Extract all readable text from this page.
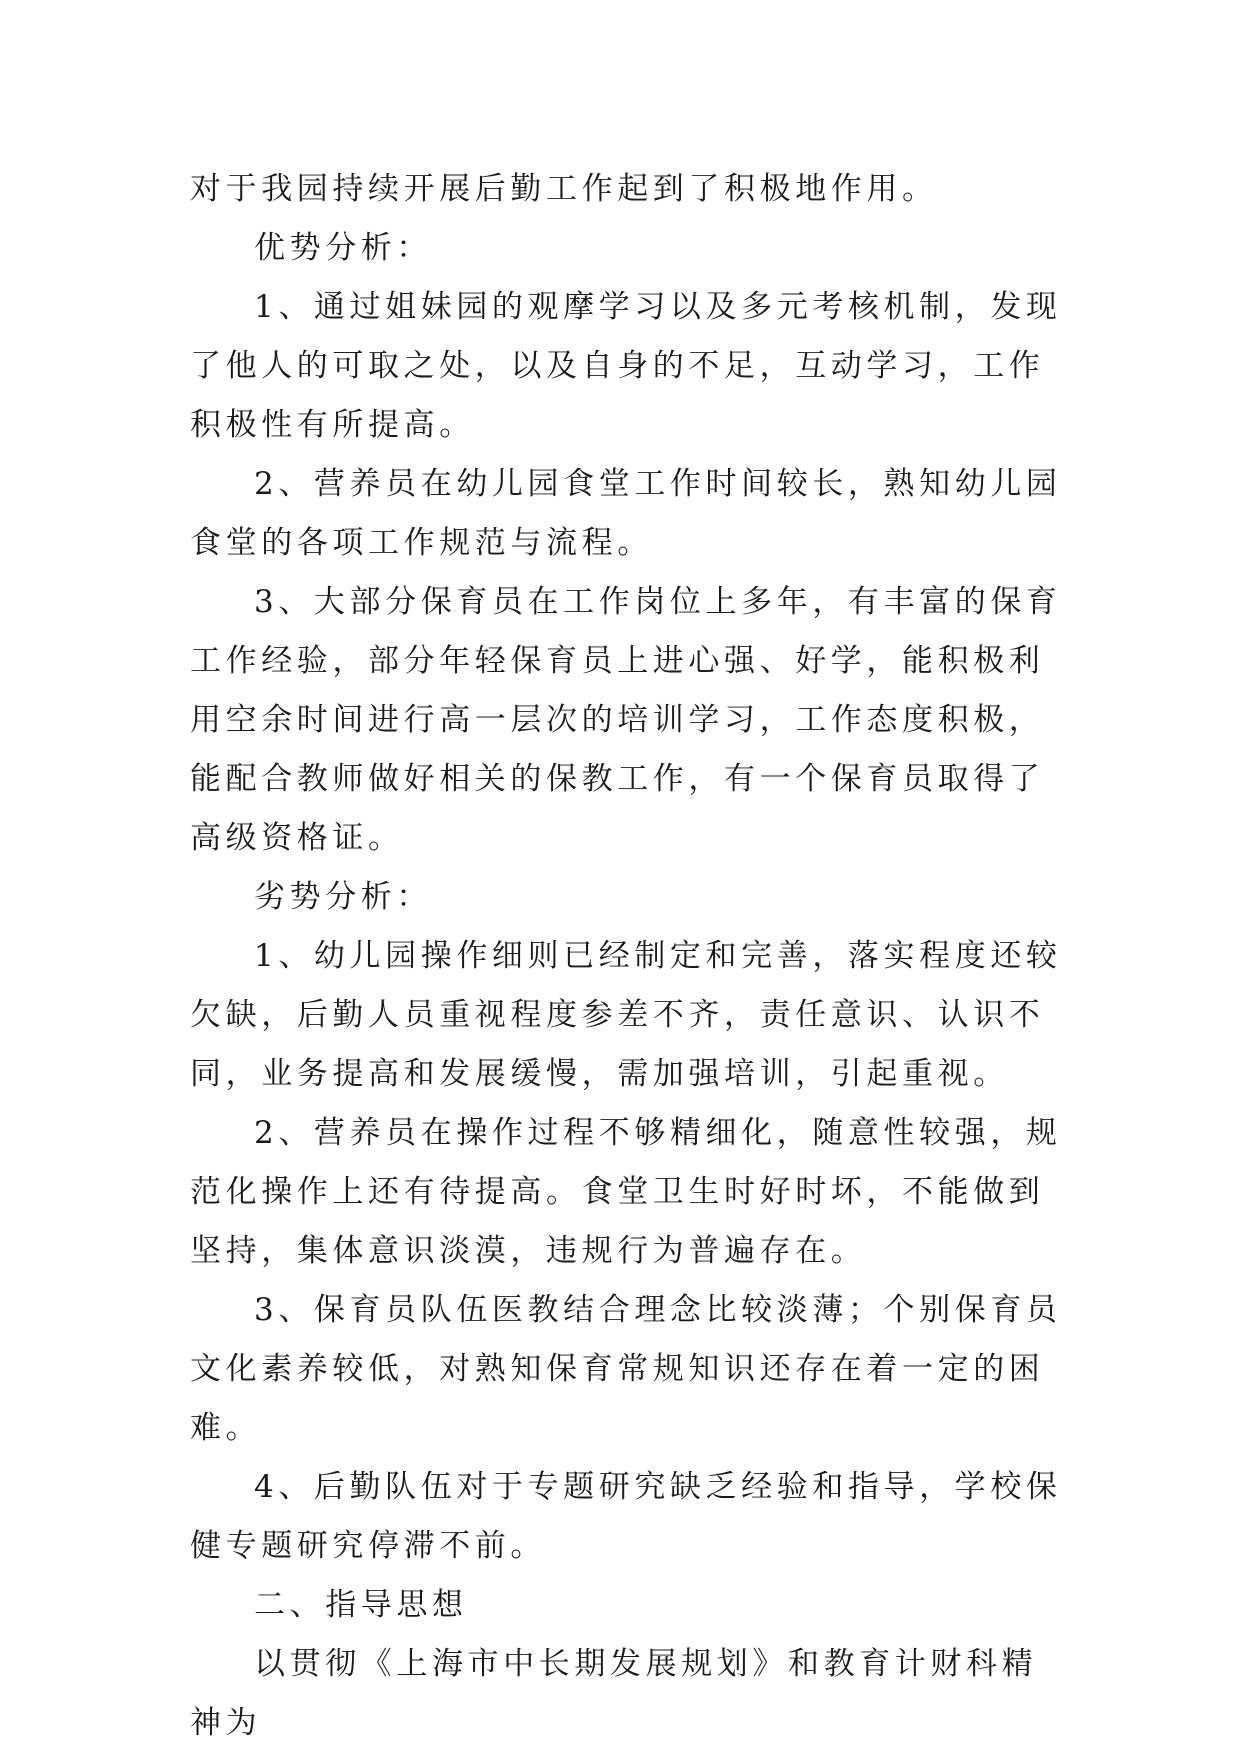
对于我园持续开展后勤工作起到了积极地作用。

优势分析：

1、通过姐妹园的观摩学习以及多元考核机制，发现了他人的可取之处，以及自身的不足，互动学习，工作积极性有所提高。

2、营养员在幼儿园食堂工作时间较长，熟知幼儿园食堂的各项工作规范与流程。

3、大部分保育员在工作岗位上多年，有丰富的保育工作经验，部分年轻保育员上进心强、好学，能积极利用空余时间进行高一层次的培训学习，工作态度积极，能配合教师做好相关的保教工作，有一个保育员取得了高级资格证。

劣势分析：

1、幼儿园操作细则已经制定和完善，落实程度还较欠缺，后勤人员重视程度参差不齐，责任意识、认识不同，业务提高和发展缓慢，需加强培训，引起重视。

2、营养员在操作过程不够精细化，随意性较强，规范化操作上还有待提高。食堂卫生时好时坏，不能做到坚持，集体意识淡漠，违规行为普遍存在。

3、保育员队伍医教结合理念比较淡薄；个别保育员文化素养较低，对熟知保育常规知识还存在着一定的困难。

4、后勤队伍对于专题研究缺乏经验和指导，学校保健专题研究停滞不前。

二、指导思想

以贯彻《上海市中长期发展规划》和教育计财科精神为
